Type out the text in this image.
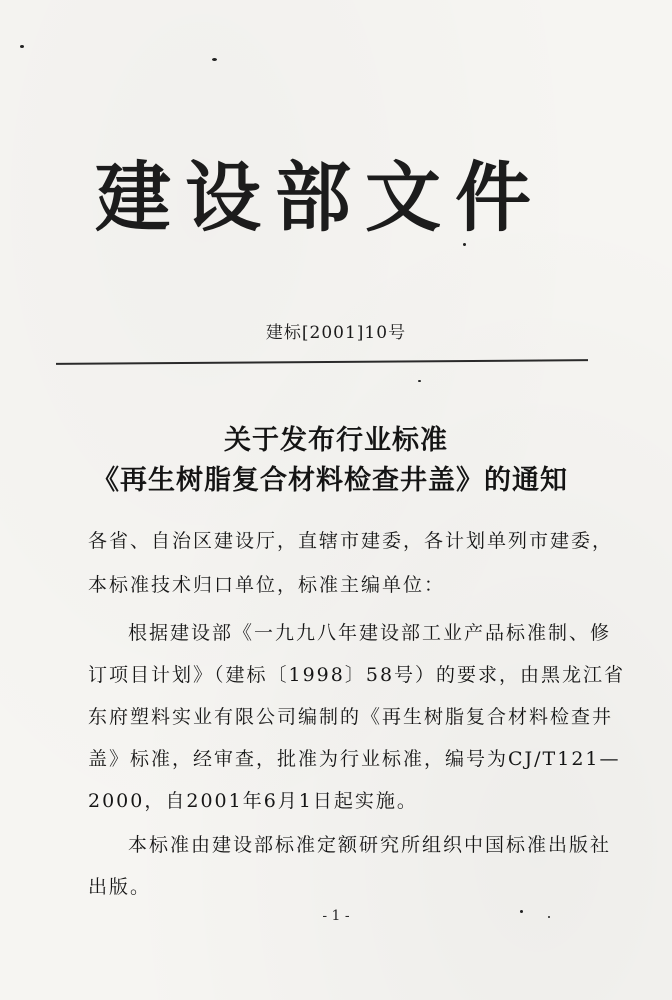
建设部文件
建标[2001]10号
关于发布行业标准
《再生树脂复合材料检查井盖》的通知
各省、自治区建设厅，直辖市建委，各计划单列市建委，
本标准技术归口单位，标准主编单位：
根据建设部《一九九八年建设部工业产品标准制、修
订项目计划》（建标〔1998〕58号）的要求，由黑龙江省
东府塑料实业有限公司编制的《再生树脂复合材料检查井
盖》标准，经审查，批准为行业标准，编号为CJ/T121—
2000，自2001年6月1日起实施。
本标准由建设部标准定额研究所组织中国标准出版社
出版。
- 1 -
